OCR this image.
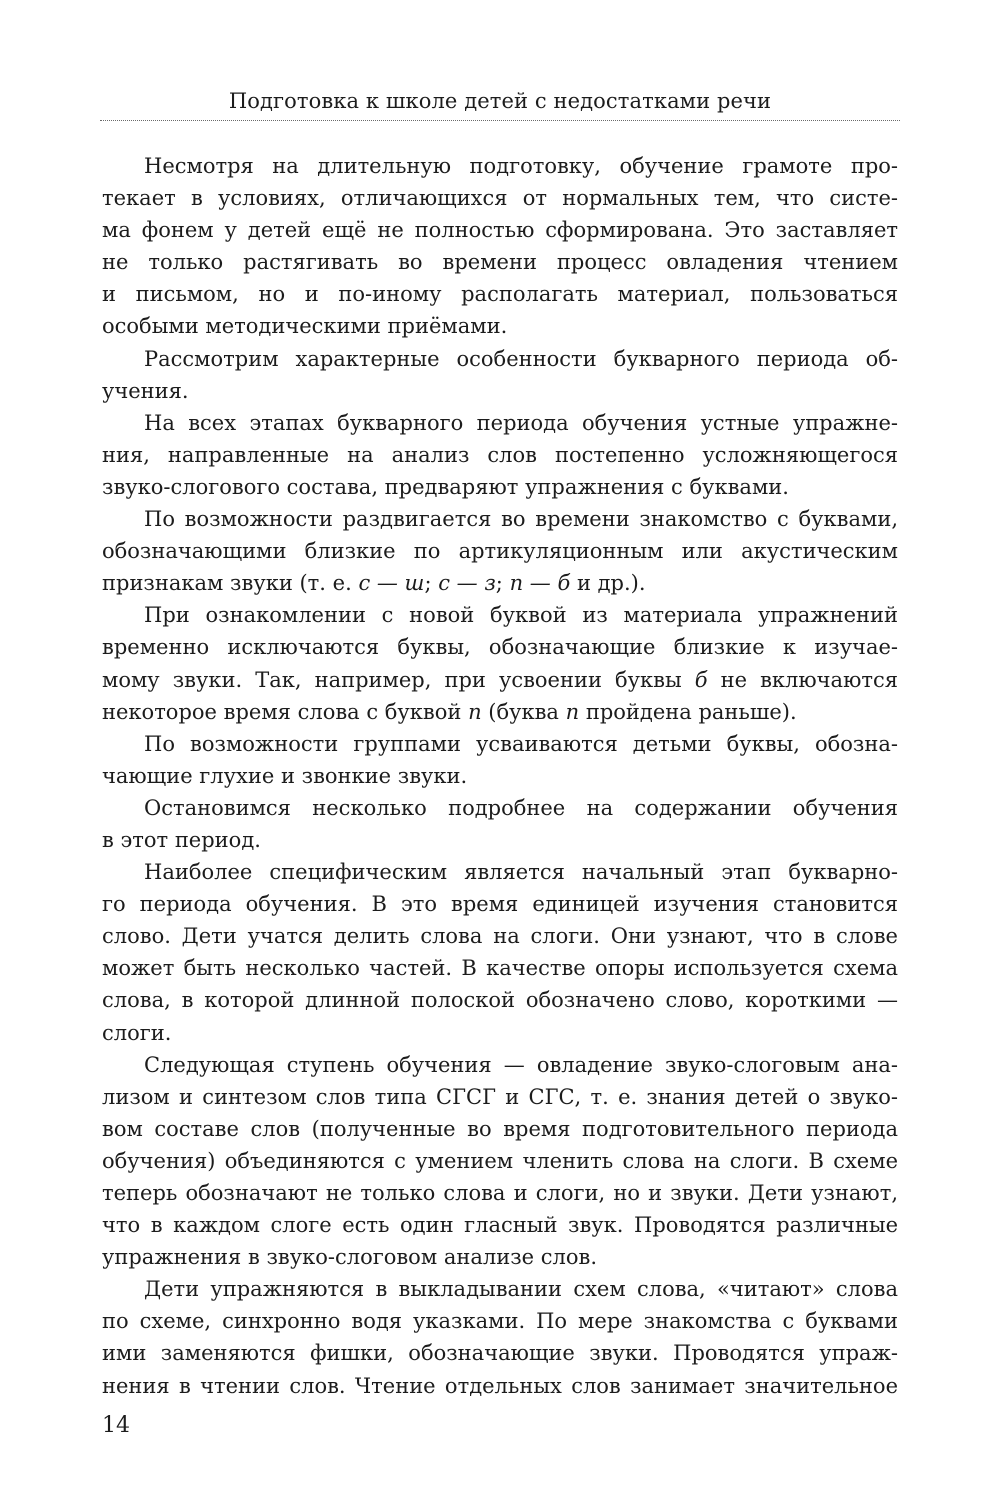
Подготовка к школе детей с недостатками речи
Несмотря на длительную подготовку, обучение грамоте про-
текает в условиях, отличающихся от нормальных тем, что систе-
ма фонем у детей ещё не полностью сформирована. Это заставляет
не только растягивать во времени процесс овладения чтением
и письмом, но и по-иному располагать материал, пользоваться
особыми методическими приёмами.
Рассмотрим характерные особенности букварного периода об-
учения.
На всех этапах букварного периода обучения устные упражне-
ния, направленные на анализ слов постепенно усложняющегося
звуко-слогового состава, предваряют упражнения с буквами.
По возможности раздвигается во времени знакомство с буквами,
обозначающими близкие по артикуляционным или акустическим
признакам звуки (т. е. с — ш; с — з; п — б и др.).
При ознакомлении с новой буквой из материала упражнений
временно исключаются буквы, обозначающие близкие к изучае-
мому звуки. Так, например, при усвоении буквы б не включаются
некоторое время слова с буквой п (буква п пройдена раньше).
По возможности группами усваиваются детьми буквы, обозна-
чающие глухие и звонкие звуки.
Остановимся несколько подробнее на содержании обучения
в этот период.
Наиболее специфическим является начальный этап букварно-
го периода обучения. В это время единицей изучения становится
слово. Дети учатся делить слова на слоги. Они узнают, что в слове
может быть несколько частей. В качестве опоры используется схема
слова, в которой длинной полоской обозначено слово, короткими —
слоги.
Следующая ступень обучения — овладение звуко-слоговым ана-
лизом и синтезом слов типа СГСГ и СГС, т. е. знания детей о звуко-
вом составе слов (полученные во время подготовительного периода
обучения) объединяются с умением членить слова на слоги. В схеме
теперь обозначают не только слова и слоги, но и звуки. Дети узнают,
что в каждом слоге есть один гласный звук. Проводятся различные
упражнения в звуко-слоговом анализе слов.
Дети упражняются в выкладывании схем слова, «читают» слова
по схеме, синхронно водя указками. По мере знакомства с буквами
ими заменяются фишки, обозначающие звуки. Проводятся упраж-
нения в чтении слов. Чтение отдельных слов занимает значительное
14
